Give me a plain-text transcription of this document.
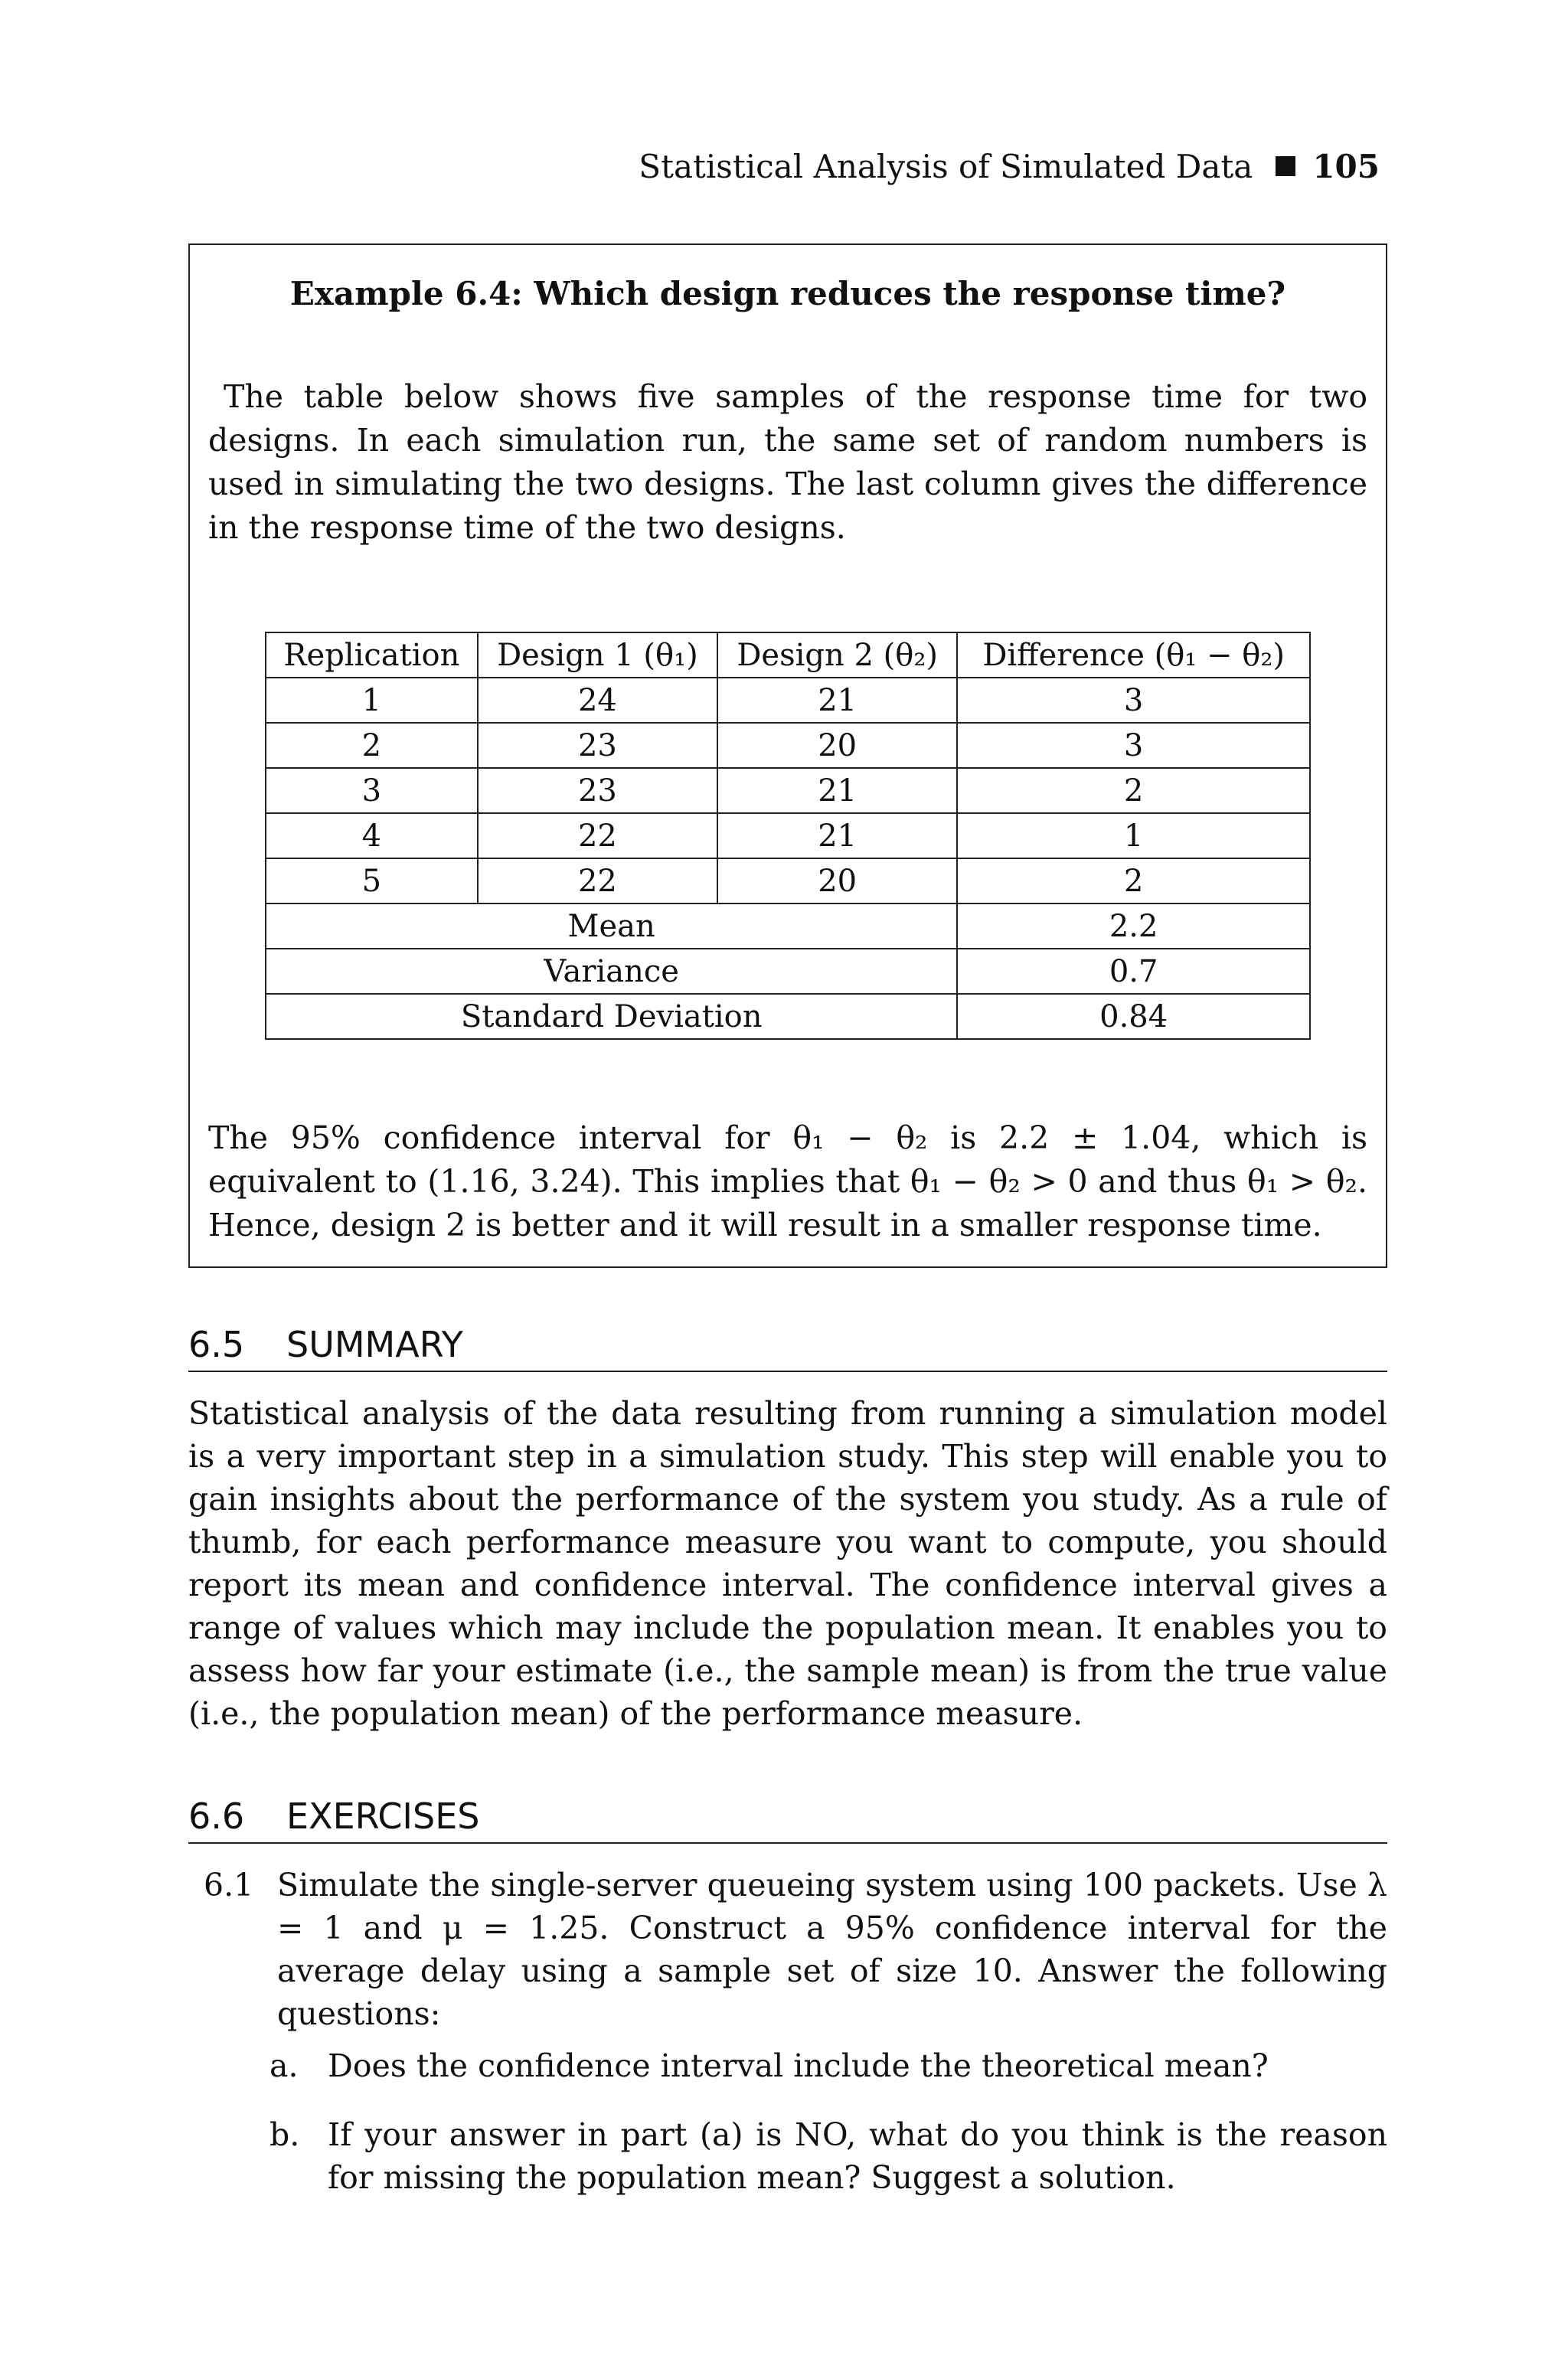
Statistical Analysis of Simulated Data 105
Example 6.4: Which design reduces the response time?

The table below shows five samples of the response time for two designs. In each simulation run, the same set of random numbers is used in simulating the two designs. The last column gives the difference in the response time of the two designs.

Replication	Design 1 (θ₁)	Design 2 (θ₂)	Difference (θ₁ − θ₂)
1	24	21	3
2	23	20	3
3	23	21	2
4	22	21	1
5	22	20	2
Mean			2.2
Variance			0.7
Standard Deviation			0.84

The 95% confidence interval for θ₁ − θ₂ is 2.2 ± 1.04, which is equivalent to (1.16, 3.24). This implies that θ₁ − θ₂ > 0 and thus θ₁ > θ₂. Hence, design 2 is better and it will result in a smaller response time.

6.5 SUMMARY

Statistical analysis of the data resulting from running a simulation model is a very important step in a simulation study. This step will enable you to gain insights about the performance of the system you study. As a rule of thumb, for each performance measure you want to compute, you should report its mean and confidence interval. The confidence interval gives a range of values which may include the population mean. It enables you to assess how far your estimate (i.e., the sample mean) is from the true value (i.e., the population mean) of the performance measure.

6.6 EXERCISES
6.1 Simulate the single-server queueing system using 100 packets. Use λ = 1 and μ = 1.25. Construct a 95% confidence interval for the average delay using a sample set of size 10. Answer the following questions:

a. Does the confidence interval include the theoretical mean?

b. If your answer in part (a) is NO, what do you think is the reason for missing the population mean? Suggest a solution.
